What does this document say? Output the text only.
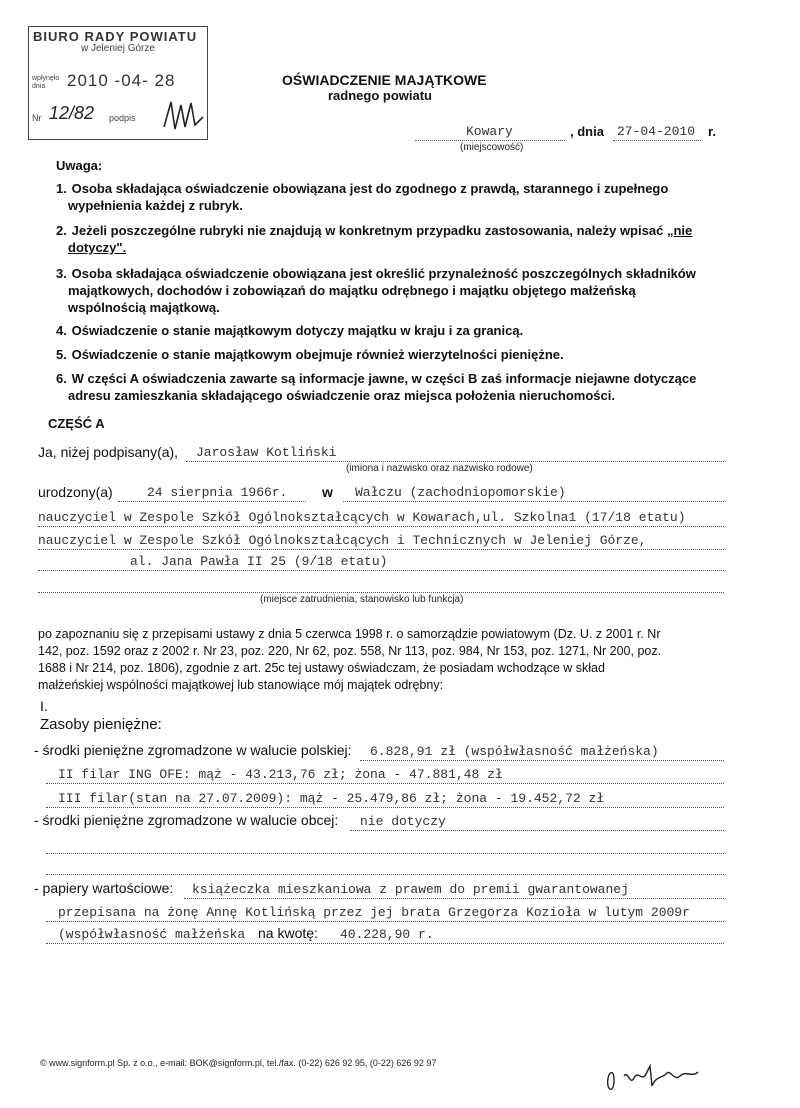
BIURO RADY POWIATU
w Jeleniej Górze
wpłynęło
dnia	2010 -04- 28
Nr 12/82 podpis
OŚWIADCZENIE MAJĄTKOWE
radnego powiatu
Kowary
(miejscowość)
, dnia 27-04-2010 r.
Uwaga:
1. Osoba składająca oświadczenie obowiązana jest do zgodnego z prawdą, starannego i zupełnego
wypełnienia każdej z rubryk.
2. Jeżeli poszczególne rubryki nie znajdują w konkretnym przypadku zastosowania, należy wpisać „nie
dotyczy".
3. Osoba składająca oświadczenie obowiązana jest określić przynależność poszczególnych składników
majątkowych, dochodów i zobowiązań do majątku odrębnego i majątku objętego małżeńską
wspólnością majątkową.
4. Oświadczenie o stanie majątkowym dotyczy majątku w kraju i za granicą.
5. Oświadczenie o stanie majątkowym obejmuje również wierzytelności pieniężne.
6. W części A oświadczenia zawarte są informacje jawne, w części B zaś informacje niejawne dotyczące
adresu zamieszkania składającego oświadczenie oraz miejsca położenia nieruchomości.
CZĘŚĆ A
Ja, niżej podpisany(a), Jarosław Kotliński
(imiona i nazwisko oraz nazwisko rodowe)
urodzony(a)	24 sierpnia 1966r. w Wałczu (zachodniopomorskie)
nauczyciel w Zespole Szkół Ogólnokształcących w Kowarach,ul. Szkolna1 (17/18 etatu)
nauczyciel w Zespole Szkół Ogólnokształcących i Technicznych w Jeleniej Górze,
al. Jana Pawła II 25 (9/18 etatu)
(miejsce zatrudnienia, stanowisko lub funkcja)
po zapoznaniu się z przepisami ustawy z dnia 5 czerwca 1998 r. o samorządzie powiatowym (Dz. U. z 2001 r. Nr
142, poz. 1592 oraz z 2002 r. Nr 23, poz. 220, Nr 62, poz. 558, Nr 113, poz. 984, Nr 153, poz. 1271, Nr 200, poz.
1688 i Nr 214, poz. 1806), zgodnie z art. 25c tej ustawy oświadczam, że posiadam wchodzące w skład
małżeńskiej wspólności majątkowej lub stanowiące mój majątek odrębny:
I.
Zasoby pieniężne:
- środki pieniężne zgromadzone w walucie polskiej: 6.828,91 zł (współwłasność małżeńska)
II filar ING OFE: mąż - 43.213,76 zł; żona - 47.881,48 zł
III filar(stan na 27.07.2009): mąż - 25.479,86 zł; żona - 19.452,72 zł
- środki pieniężne zgromadzone w walucie obcej: nie dotyczy
- papiery wartościowe: książeczka mieszkaniowa z prawem do premii gwarantowanej
przepisana na żonę Annę Kotlińską przez jej brata Grzegorza Kozioła w lutym 2009r
(współwłasność małżeńska na kwotę: 40.228,90 r.
© www.signform.pl Sp. z o.o., e-mail: BOK@signform.pl, tel./fax. (0-22) 626 92 95, (0-22) 626 92 97
